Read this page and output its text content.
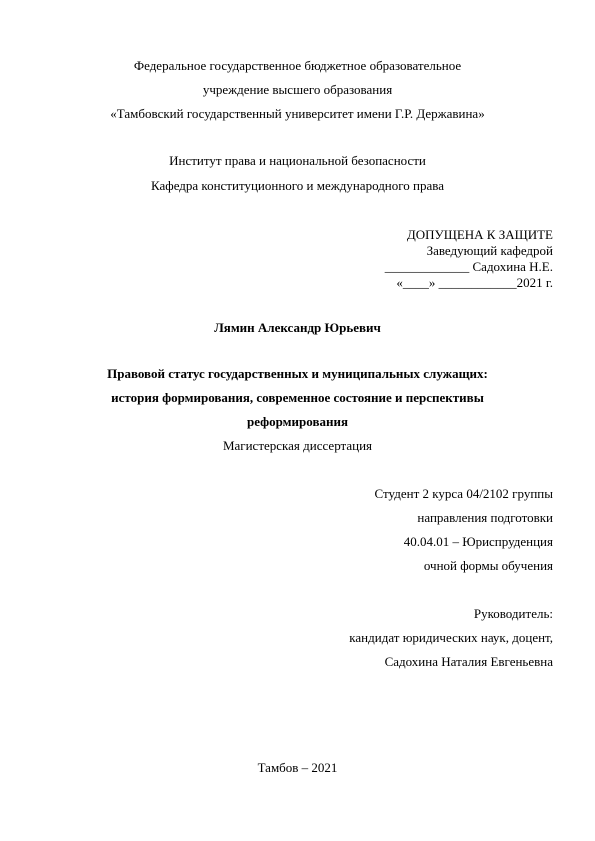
Федеральное государственное бюджетное образовательное
учреждение высшего образования
«Тамбовский государственный университет имени Г.Р. Державина»
Институт права и национальной безопасности
Кафедра конституционного и международного права
ДОПУЩЕНА К ЗАЩИТЕ
Заведующий кафедрой
_____________ Садохина Н.Е.
«____» ____________2021 г.
Лямин Александр Юрьевич
Правовой статус государственных и муниципальных служащих:
история формирования, современное состояние и перспективы
реформирования
Магистерская диссертация
Студент 2 курса 04/2102 группы
направления подготовки
40.04.01 – Юриспруденция
очной формы обучения
Руководитель:
кандидат юридических наук, доцент,
Садохина Наталия Евгеньевна
Тамбов – 2021
